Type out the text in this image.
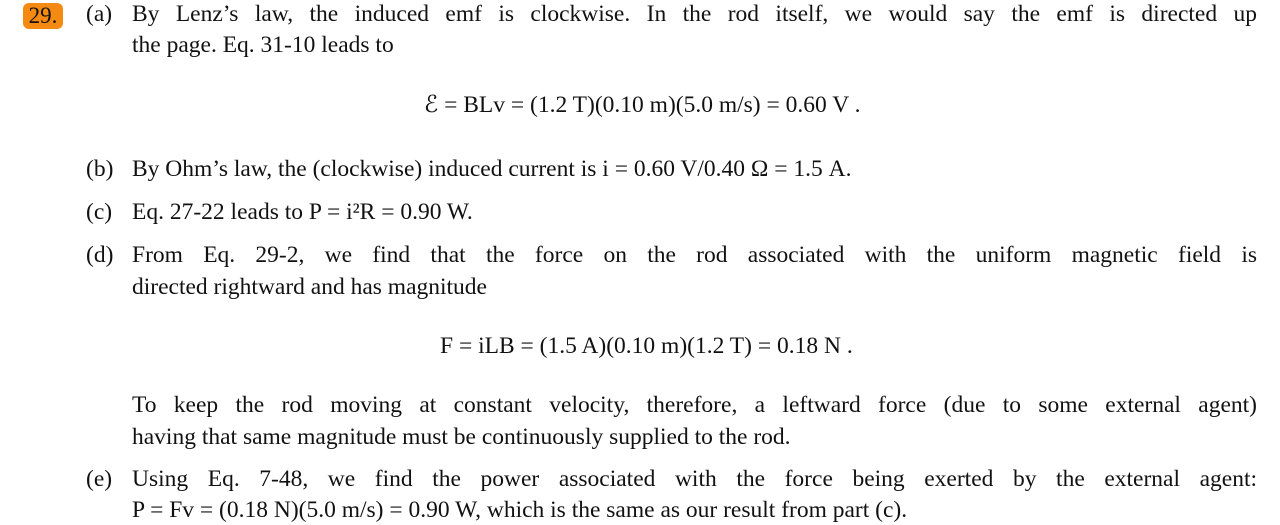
29. (a) By Lenz’s law, the induced emf is clockwise. In the rod itself, we would say the emf is directed up
the page. Eq. 31-10 leads to
ℰ = BLv = (1.2 T)(0.10 m)(5.0 m/s) = 0.60 V .
(b) By Ohm’s law, the (clockwise) induced current is i = 0.60 V/0.40 Ω = 1.5 A.
(c) Eq. 27-22 leads to P = i²R = 0.90 W.
(d) From Eq. 29-2, we find that the force on the rod associated with the uniform magnetic field is
directed rightward and has magnitude
F = iLB = (1.5 A)(0.10 m)(1.2 T) = 0.18 N .
To keep the rod moving at constant velocity, therefore, a leftward force (due to some external agent)
having that same magnitude must be continuously supplied to the rod.
(e) Using Eq. 7-48, we find the power associated with the force being exerted by the external agent:
P = Fv = (0.18 N)(5.0 m/s) = 0.90 W, which is the same as our result from part (c).
